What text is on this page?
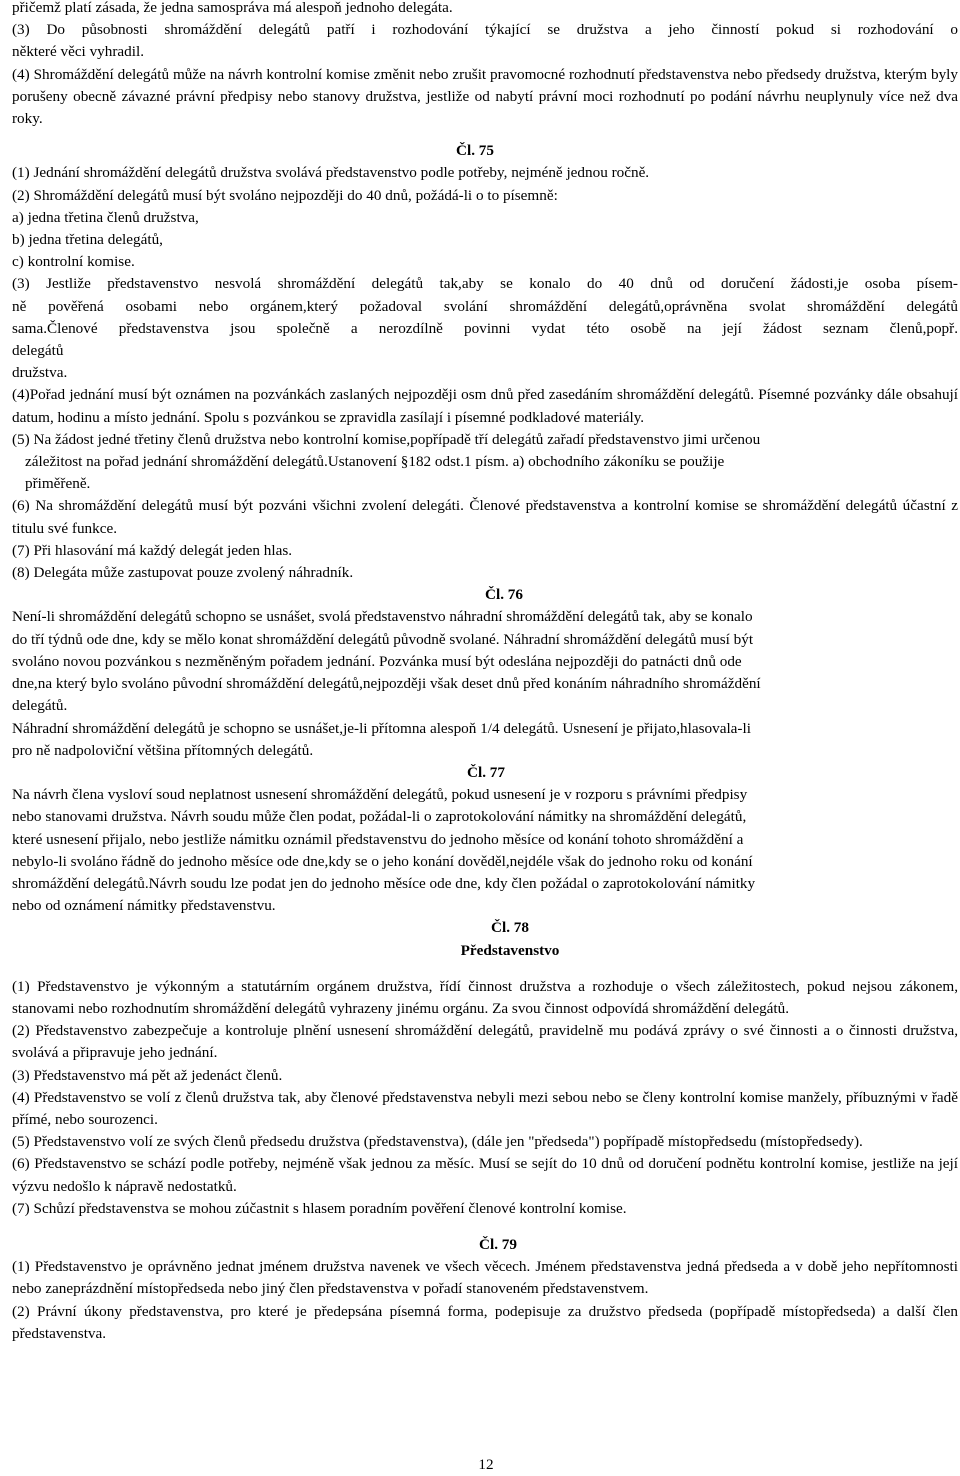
přičemž platí zásada, že jedna samospráva má alespoň jednoho delegáta.

(3) Do působnosti shromáždění delegátů patří i rozhodování týkající se družstva a jeho činností pokud si rozhodování o

některé věci vyhradil.

(4) Shromáždění delegátů může na návrh kontrolní komise změnit nebo zrušit pravomocné rozhodnutí představenstva nebo předsedy družstva, kterým byly porušeny obecně závazné právní předpisy nebo stanovy družstva, jestliže od nabytí právní moci rozhodnutí po podání návrhu neuplynuly více než dva roky.

Čl. 75

(1) Jednání shromáždění delegátů družstva svolává představenstvo podle potřeby, nejméně jednou ročně.

(2) Shromáždění delegátů musí být svoláno nejpozději do 40 dnů, požádá-li o to písemně:

a) jedna třetina členů družstva,

b) jedna třetina delegátů,

c) kontrolní komise.

(3) Jestliže představenstvo nesvolá shromáždění delegátů tak,aby se konalo do 40 dnů od doručení žádosti,je osoba písem-

ně pověřená osobami nebo orgánem,který požadoval svolání shromáždění delegátů,oprávněna svolat shromáždění delegátů

sama.Členové představenstva jsou společně a nerozdílně povinni vydat této osobě na její žádost seznam členů,popř.

delegátů

družstva.

(4)Pořad jednání musí být oznámen na pozvánkách zaslaných nejpozději osm dnů před zasedáním shromáždění delegátů. Písemné pozvánky dále obsahují datum, hodinu a místo jednání. Spolu s pozvánkou se zpravidla zasílají i písemné podkladové materiály.

(5) Na žádost jedné třetiny členů družstva nebo kontrolní komise,popřípadě tří delegátů zařadí představenstvo jimi určenou

záležitost na pořad jednání shromáždění delegátů.Ustanovení §182 odst.1 písm. a) obchodního zákoníku se použije

přiměřeně.

(6) Na shromáždění delegátů musí být pozváni všichni zvolení delegáti. Členové představenstva a kontrolní komise se shromáždění delegátů účastní z titulu své funkce.

(7) Při hlasování má každý delegát jeden hlas.

(8) Delegáta může zastupovat pouze zvolený náhradník.

Čl. 76

Není-li shromáždění delegátů schopno se usnášet, svolá představenstvo náhradní shromáždění delegátů tak, aby se konalo

do tří týdnů ode dne, kdy se mělo konat shromáždění delegátů původně svolané. Náhradní shromáždění delegátů musí být

svoláno novou pozvánkou s nezměněným pořadem jednání. Pozvánka musí být odeslána nejpozději do patnácti dnů ode

dne,na který bylo svoláno původní shromáždění delegátů,nejpozději však deset dnů před konáním náhradního shromáždění

delegátů.

Náhradní shromáždění delegátů je schopno se usnášet,je-li přítomna alespoň 1/4 delegátů. Usnesení je přijato,hlasovala-li

pro ně nadpoloviční většina přítomných delegátů.

Čl. 77

Na návrh člena vysloví soud neplatnost usnesení shromáždění delegátů, pokud usnesení je v rozporu s právními předpisy

nebo stanovami družstva. Návrh soudu může člen podat, požádal-li o zaprotokolování námitky na shromáždění delegátů,

které usnesení přijalo, nebo jestliže námitku oznámil představenstvu do jednoho měsíce od konání tohoto shromáždění a

nebylo-li svoláno řádně do jednoho měsíce ode dne,kdy se o jeho konání dověděl,nejdéle však do jednoho roku od konání

shromáždění delegátů.Návrh soudu lze podat jen do jednoho měsíce ode dne, kdy člen požádal o zaprotokolování námitky

nebo od oznámení námitky představenstvu.

Čl. 78

Představenstvo

(1) Představenstvo je výkonným a statutárním orgánem družstva, řídí činnost družstva a rozhoduje o všech záležitostech, pokud nejsou zákonem, stanovami nebo rozhodnutím shromáždění delegátů vyhrazeny jinému orgánu. Za svou činnost odpovídá shromáždění delegátů.

(2) Představenstvo zabezpečuje a kontroluje plnění usnesení shromáždění delegátů, pravidelně mu podává zprávy o své činnosti a o činnosti družstva, svolává a připravuje jeho jednání.

(3) Představenstvo má pět až jedenáct členů.

(4) Představenstvo se volí z členů družstva tak, aby členové představenstva nebyli mezi sebou nebo se členy kontrolní komise manžely, příbuznými v řadě přímé, nebo sourozenci.

(5) Představenstvo volí ze svých členů předsedu družstva (představenstva), (dále jen "předseda") popřípadě místopředsedu (místopředsedy).

(6) Představenstvo se schází podle potřeby, nejméně však jednou za měsíc. Musí se sejít do 10 dnů od doručení podnětu kontrolní komise, jestliže na její výzvu nedošlo k nápravě nedostatků.

(7) Schůzí představenstva se mohou zúčastnit s hlasem poradním pověření členové kontrolní komise.

Čl. 79

(1) Představenstvo je oprávněno jednat jménem družstva navenek ve všech věcech. Jménem představenstva jedná předseda a v době jeho nepřítomnosti nebo zaneprázdnění místopředseda nebo jiný člen představenstva v pořadí stanoveném představenstvem.

(2) Právní úkony představenstva, pro které je předepsána písemná forma, podepisuje za družstvo předseda (popřípadě místopředseda) a další člen představenstva.

12
